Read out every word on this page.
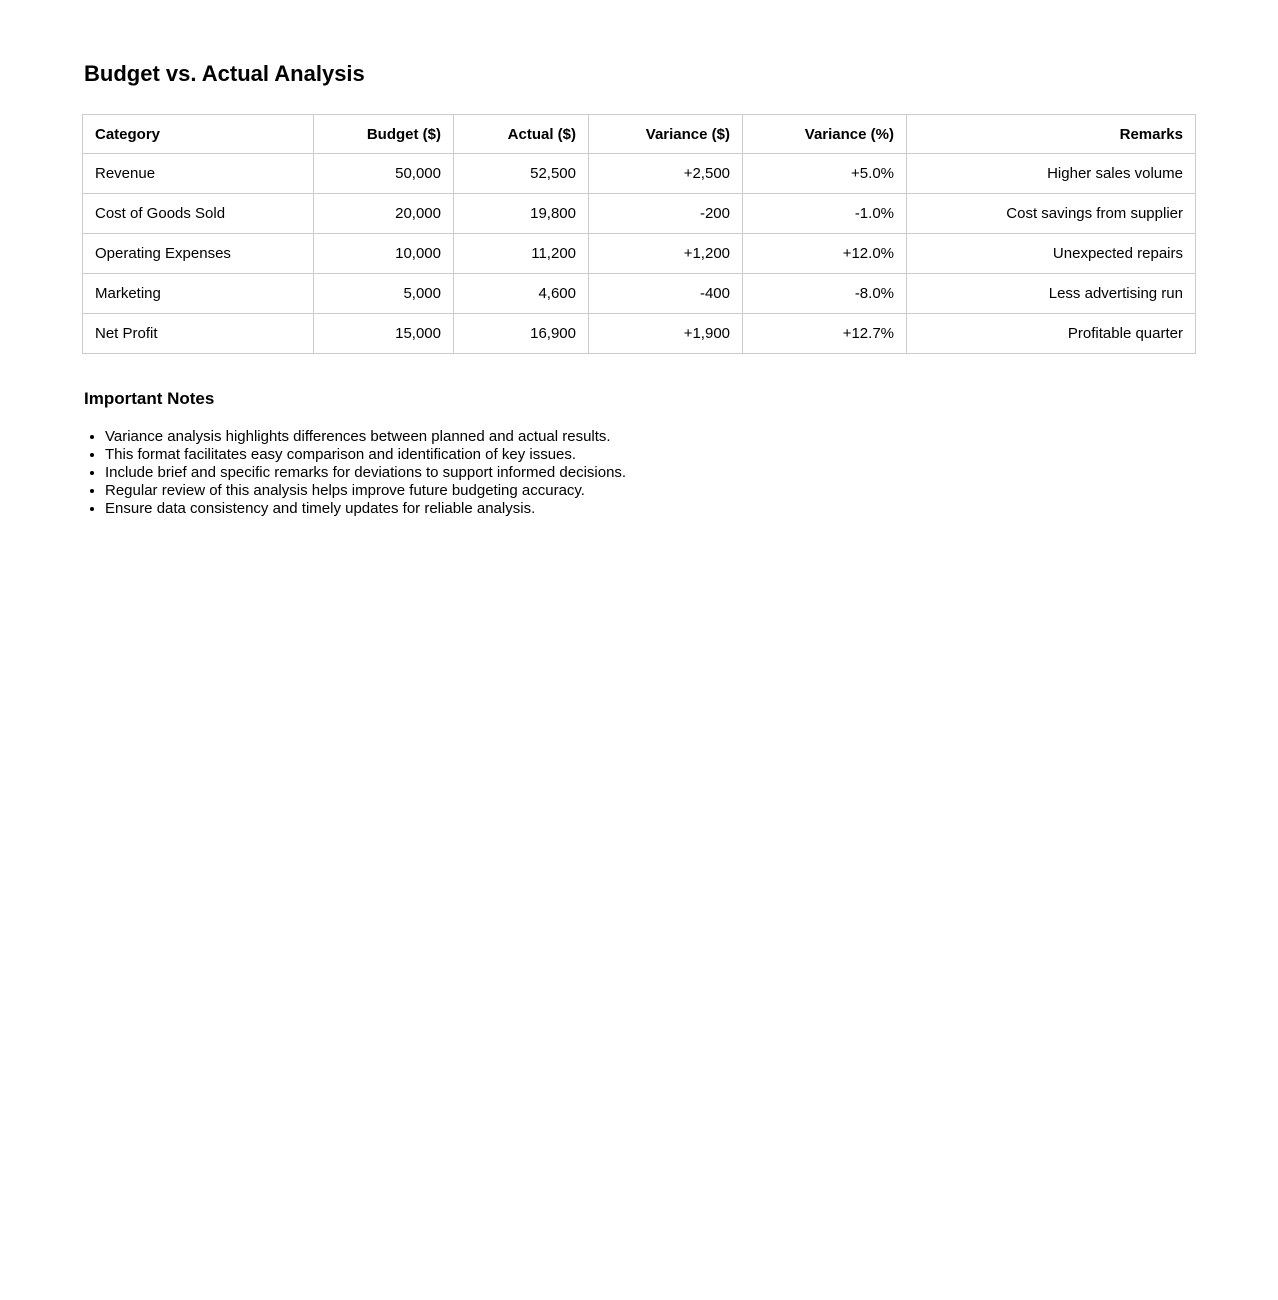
Budget vs. Actual Analysis
Category	Budget ($)	Actual ($)	Variance ($)	Variance (%)	Remarks
Revenue	50,000	52,500	+2,500	+5.0%	Higher sales volume
Cost of Goods Sold	20,000	19,800	-200	-1.0%	Cost savings from supplier
Operating Expenses	10,000	11,200	+1,200	+12.0%	Unexpected repairs
Marketing	5,000	4,600	-400	-8.0%	Less advertising run
Net Profit	15,000	16,900	+1,900	+12.7%	Profitable quarter
Important Notes
• Variance analysis highlights differences between planned and actual results.
• This format facilitates easy comparison and identification of key issues.
• Include brief and specific remarks for deviations to support informed decisions.
• Regular review of this analysis helps improve future budgeting accuracy.
• Ensure data consistency and timely updates for reliable analysis.
